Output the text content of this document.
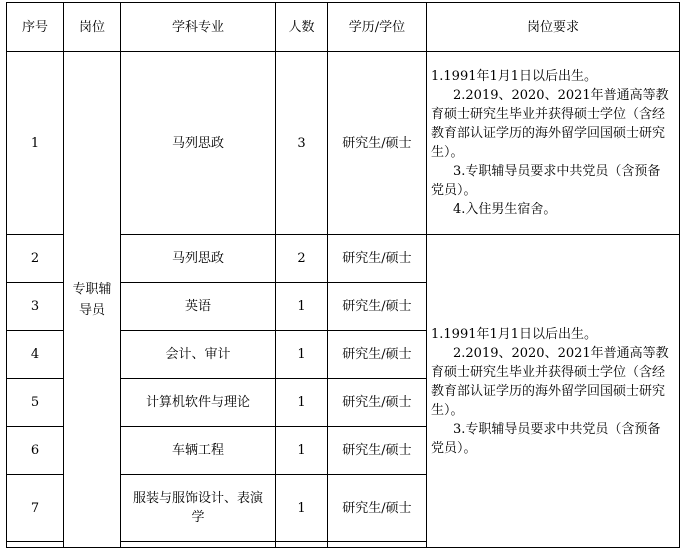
序号	岗位	学科专业	人数	学历/学位	岗位要求
1	专职辅导员	马列思政	3	研究生/硕士	1.1991年1月1日以后出生。

2.2019、2020、2021年普通高等教育硕士研究生毕业并获得硕士学位（含经教育部认证学历的海外留学回国硕士研究生）。

3.专职辅导员要求中共党员（含预备党员）。

4.入住男生宿舍。

2		马列思政	2	研究生/硕士	1.1991年1月1日以后出生。

2.2019、2020、2021年普通高等教育硕士研究生毕业并获得硕士学位（含经教育部认证学历的海外留学回国硕士研究生）。

3.专职辅导员要求中共党员（含预备党员）。

3		英语	1	研究生/硕士	
4		会计、审计	1	研究生/硕士	
5		计算机软件与理论	1	研究生/硕士	
6		车辆工程	1	研究生/硕士	
7		服装与服饰设计、表演学	1	研究生/硕士	
